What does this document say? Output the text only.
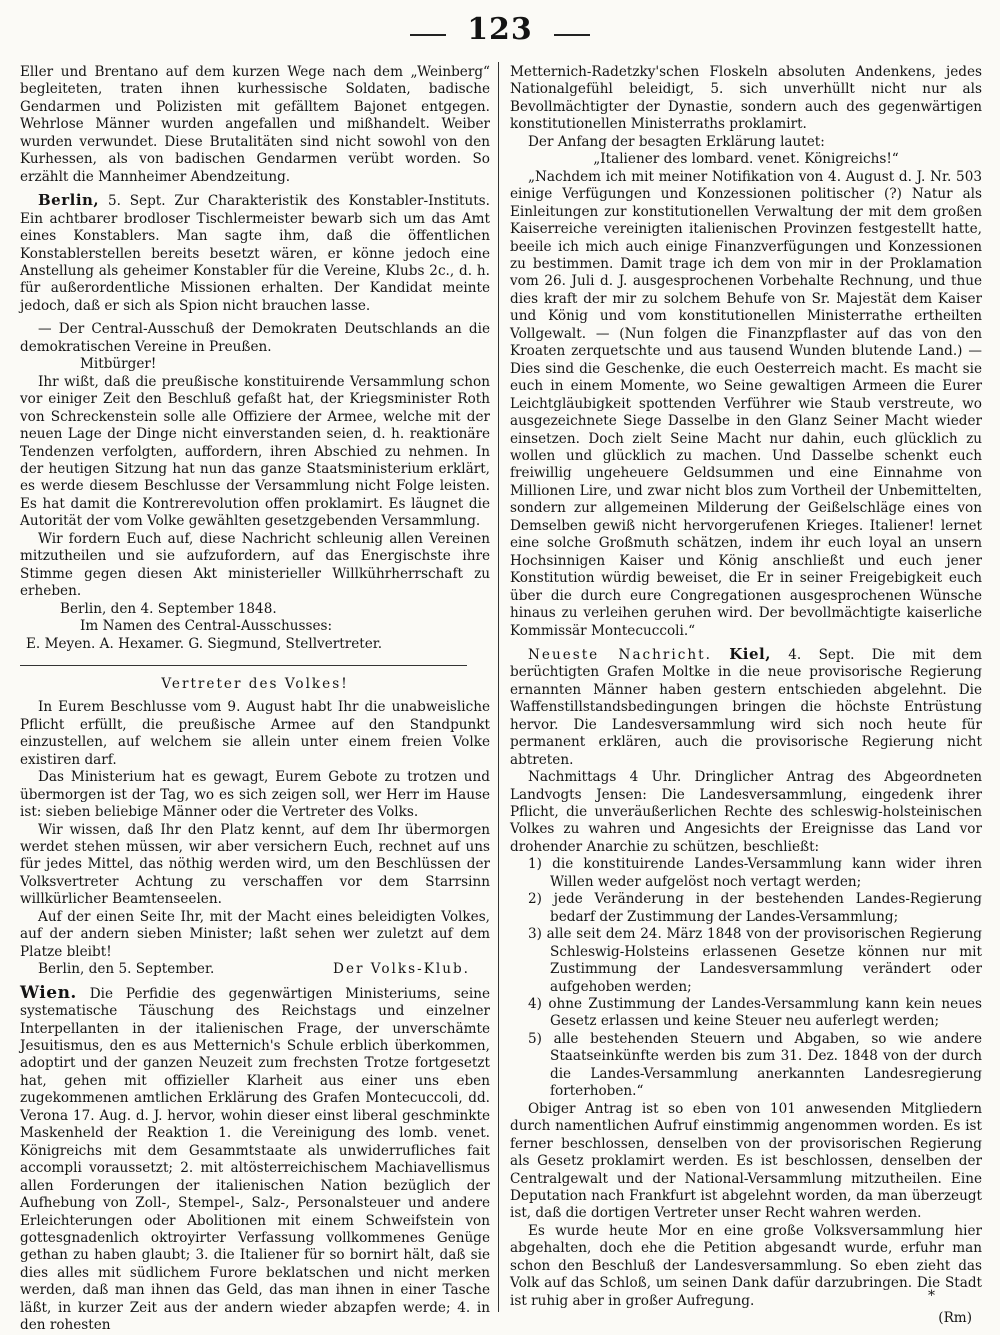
123

Eller und Brentano auf dem kurzen Wege nach dem „Weinberg“ begleiteten, traten ihnen kurhessische Soldaten, badische Gendarmen und Polizisten mit gefälltem Bajonet entgegen. Wehrlose Männer wurden angefallen und mißhandelt. Weiber wurden verwundet. Diese Brutalitäten sind nicht sowohl von den Kurhessen, als von badischen Gendarmen verübt worden. So erzählt die Mannheimer Abendzeitung.

Berlin, 5. Sept. Zur Charakteristik des Konstabler-Instituts. Ein achtbarer brodloser Tischlermeister bewarb sich um das Amt eines Konstablers. Man sagte ihm, daß die öffentlichen Konstablerstellen bereits besetzt wären, er könne jedoch eine Anstellung als geheimer Konstabler für die Vereine, Klubs 2c., d. h. für außerordentliche Missionen erhalten. Der Kandidat meinte jedoch, daß er sich als Spion nicht brauchen lasse.

— Der Central-Ausschuß der Demokraten Deutschlands an die demokratischen Vereine in Preußen.

Mitbürger!

Ihr wißt, daß die preußische konstituirende Versammlung schon vor einiger Zeit den Beschluß gefaßt hat, der Kriegsminister Roth von Schreckenstein solle alle Offiziere der Armee, welche mit der neuen Lage der Dinge nicht einverstanden seien, d. h. reaktionäre Tendenzen verfolgten, auffordern, ihren Abschied zu nehmen. In der heutigen Sitzung hat nun das ganze Staatsministerium erklärt, es werde diesem Beschlusse der Versammlung nicht Folge leisten. Es hat damit die Kontrerevolution offen proklamirt. Es läugnet die Autorität der vom Volke gewählten gesetzgebenden Versammlung.

Wir fordern Euch auf, diese Nachricht schleunig allen Vereinen mitzutheilen und sie aufzufordern, auf das Energischste ihre Stimme gegen diesen Akt ministerieller Willkührherrschaft zu erheben.

Berlin, den 4. September 1848.

Im Namen des Central-Ausschusses:

E. Meyen. A. Hexamer. G. Siegmund, Stellvertreter.

Vertreter des Volkes!

In Eurem Beschlusse vom 9. August habt Ihr die unabweisliche Pflicht erfüllt, die preußische Armee auf den Standpunkt einzustellen, auf welchem sie allein unter einem freien Volke existiren darf.

Das Ministerium hat es gewagt, Eurem Gebote zu trotzen und übermorgen ist der Tag, wo es sich zeigen soll, wer Herr im Hause ist: sieben beliebige Männer oder die Vertreter des Volks.

Wir wissen, daß Ihr den Platz kennt, auf dem Ihr übermorgen werdet stehen müssen, wir aber versichern Euch, rechnet auf uns für jedes Mittel, das nöthig werden wird, um den Beschlüssen der Volksvertreter Achtung zu verschaffen vor dem Starrsinn willkürlicher Beamtenseelen.

Auf der einen Seite Ihr, mit der Macht eines beleidigten Volkes, auf der andern sieben Minister; laßt sehen wer zuletzt auf dem Platze bleibt!

Berlin, den 5. September.	Der Volks-Klub.

Wien. Die Perfidie des gegenwärtigen Ministeriums, seine systematische Täuschung des Reichstags und einzelner Interpellanten in der italienischen Frage, der unverschämte Jesuitismus, den es aus Metternich's Schule erblich überkommen, adoptirt und der ganzen Neuzeit zum frechsten Trotze fortgesetzt hat, gehen mit offizieller Klarheit aus einer uns eben zugekommenen amtlichen Erklärung des Grafen Montecuccoli, dd. Verona 17. Aug. d. J. hervor, wohin dieser einst liberal geschminkte Maskenheld der Reaktion 1. die Vereinigung des lomb. venet. Königreichs mit dem Gesammtstaate als unwiderrufliches fait accompli voraussetzt; 2. mit altösterreichischem Machiavellismus allen Forderungen der italienischen Nation bezüglich der Aufhebung von Zoll-, Stempel-, Salz-, Personalsteuer und andere Erleichterungen oder Abolitionen mit einem Schweifstein von gottesgnadenlich oktroyirter Verfassung vollkommenes Genüge gethan zu haben glaubt; 3. die Italiener für so bornirt hält, daß sie dies alles mit südlichem Furore beklatschen und nicht merken werden, daß man ihnen das Geld, das man ihnen in einer Tasche läßt, in kurzer Zeit aus der andern wieder abzapfen werde; 4. in den rohesten

Metternich-Radetzky'schen Floskeln absoluten Andenkens, jedes Nationalgefühl beleidigt, 5. sich unverhüllt nicht nur als Bevollmächtigter der Dynastie, sondern auch des gegenwärtigen konstitutionellen Ministerraths proklamirt.

Der Anfang der besagten Erklärung lautet:

„Italiener des lombard. venet. Königreichs!“

„Nachdem ich mit meiner Notifikation von 4. August d. J. Nr. 503 einige Verfügungen und Konzessionen politischer (?) Natur als Einleitungen zur konstitutionellen Verwaltung der mit dem großen Kaiserreiche vereinigten italienischen Provinzen festgestellt hatte, beeile ich mich auch einige Finanzverfügungen und Konzessionen zu bestimmen. Damit trage ich dem von mir in der Proklamation vom 26. Juli d. J. ausgesprochenen Vorbehalte Rechnung, und thue dies kraft der mir zu solchem Behufe von Sr. Majestät dem Kaiser und König und vom konstitutionellen Ministerrathe ertheilten Vollgewalt. — (Nun folgen die Finanzpflaster auf das von den Kroaten zerquetschte und aus tausend Wunden blutende Land.) — Dies sind die Geschenke, die euch Oesterreich macht. Es macht sie euch in einem Momente, wo Seine gewaltigen Armeen die Eurer Leichtgläubigkeit spottenden Verführer wie Staub verstreute, wo ausgezeichnete Siege Dasselbe in den Glanz Seiner Macht wieder einsetzen. Doch zielt Seine Macht nur dahin, euch glücklich zu wollen und glücklich zu machen. Und Dasselbe schenkt euch freiwillig ungeheuere Geldsummen und eine Einnahme von Millionen Lire, und zwar nicht blos zum Vortheil der Unbemittelten, sondern zur allgemeinen Milderung der Geißelschläge eines von Demselben gewiß nicht hervorgerufenen Krieges. Italiener! lernet eine solche Großmuth schätzen, indem ihr euch loyal an unsern Hochsinnigen Kaiser und König anschließt und euch jener Konstitution würdig beweiset, die Er in seiner Freigebigkeit euch über die durch eure Congregationen ausgesprochenen Wünsche hinaus zu verleihen geruhen wird. Der bevollmächtigte kaiserliche Kommissär Montecuccoli.“

Neueste Nachricht. Kiel, 4. Sept. Die mit dem berüchtigten Grafen Moltke in die neue provisorische Regierung ernannten Männer haben gestern entschieden abgelehnt. Die Waffenstillstandsbedingungen bringen die höchste Entrüstung hervor. Die Landesversammlung wird sich noch heute für permanent erklären, auch die provisorische Regierung nicht abtreten.

Nachmittags 4 Uhr. Dringlicher Antrag des Abgeordneten Landvogts Jensen: Die Landesversammlung, eingedenk ihrer Pflicht, die unveräußerlichen Rechte des schleswig-holsteinischen Volkes zu wahren und Angesichts der Ereignisse das Land vor drohender Anarchie zu schützen, beschließt:

1) die konstituirende Landes-Versammlung kann wider ihren Willen weder aufgelöst noch vertagt werden;

2) jede Veränderung in der bestehenden Landes-Regierung bedarf der Zustimmung der Landes-Versammlung;

3) alle seit dem 24. März 1848 von der provisorischen Regierung Schleswig-Holsteins erlassenen Gesetze können nur mit Zustimmung der Landesversammlung verändert oder aufgehoben werden;

4) ohne Zustimmung der Landes-Versammlung kann kein neues Gesetz erlassen und keine Steuer neu auferlegt werden;

5) alle bestehenden Steuern und Abgaben, so wie andere Staatseinkünfte werden bis zum 31. Dez. 1848 von der durch die Landes-Versammlung anerkannten Landesregierung forterhoben.“

Obiger Antrag ist so eben von 101 anwesenden Mitgliedern durch namentlichen Aufruf einstimmig angenommen worden. Es ist ferner beschlossen, denselben von der provisorischen Regierung als Gesetz proklamirt werden. Es ist beschlossen, denselben der Centralgewalt und der National-Versammlung mitzutheilen. Eine Deputation nach Frankfurt ist abgelehnt worden, da man überzeugt ist, daß die dortigen Vertreter unser Recht wahren werden.

Es wurde heute Mor en eine große Volksversammlung hier abgehalten, doch ehe die Petition abgesandt wurde, erfuhr man schon den Beschluß der Landesversammlung. So eben zieht das Volk auf das Schloß, um seinen Dank dafür darzubringen. Die Stadt ist ruhig aber in großer Aufregung.

(Rm)

*
